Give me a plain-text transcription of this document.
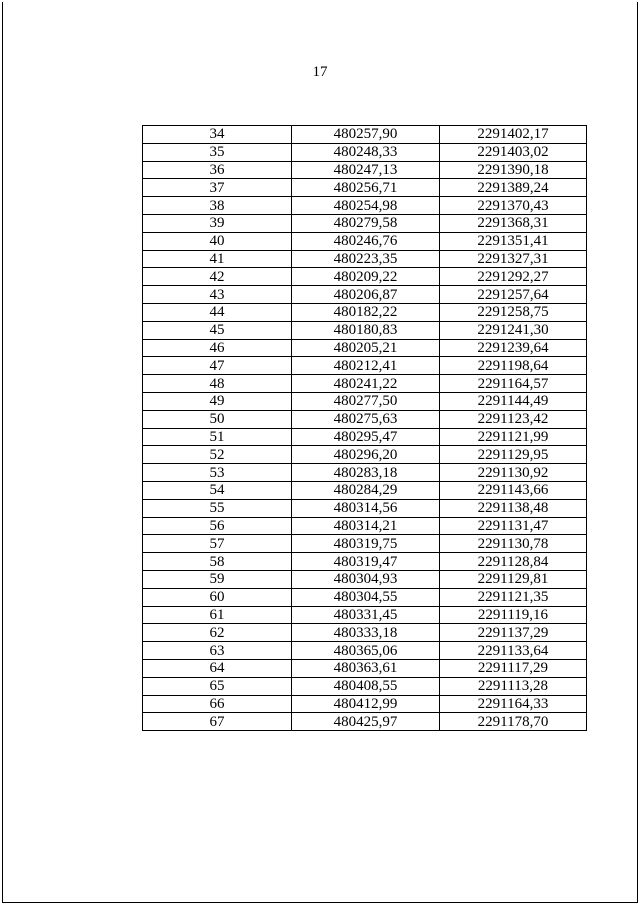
17
34	480257,90	2291402,17
35	480248,33	2291403,02
36	480247,13	2291390,18
37	480256,71	2291389,24
38	480254,98	2291370,43
39	480279,58	2291368,31
40	480246,76	2291351,41
41	480223,35	2291327,31
42	480209,22	2291292,27
43	480206,87	2291257,64
44	480182,22	2291258,75
45	480180,83	2291241,30
46	480205,21	2291239,64
47	480212,41	2291198,64
48	480241,22	2291164,57
49	480277,50	2291144,49
50	480275,63	2291123,42
51	480295,47	2291121,99
52	480296,20	2291129,95
53	480283,18	2291130,92
54	480284,29	2291143,66
55	480314,56	2291138,48
56	480314,21	2291131,47
57	480319,75	2291130,78
58	480319,47	2291128,84
59	480304,93	2291129,81
60	480304,55	2291121,35
61	480331,45	2291119,16
62	480333,18	2291137,29
63	480365,06	2291133,64
64	480363,61	2291117,29
65	480408,55	2291113,28
66	480412,99	2291164,33
67	480425,97	2291178,70
